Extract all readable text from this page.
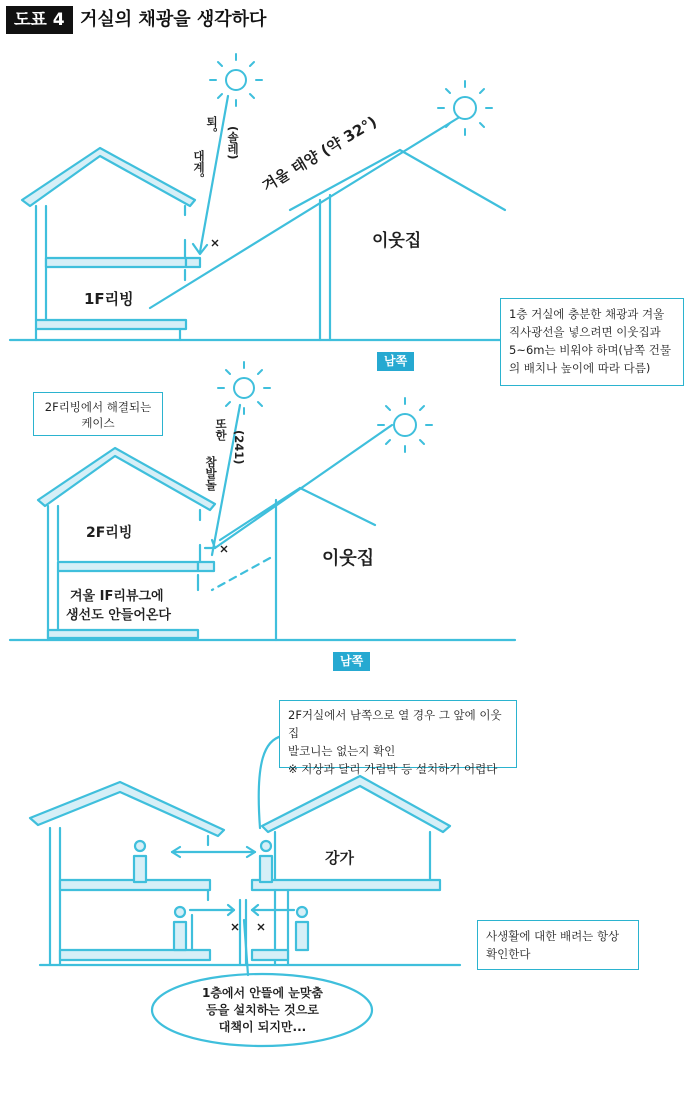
도표 4 거실의 채광을 생각하다
1F리빙
겨울 태양 (약 32°)
이웃집
남쪽
퇴。
대계。
(솔레)
1층 거실에 충분한 채광과 겨울 직사광선을 넣으려면 이웃집과 5~6m는 비워야 하며(남쪽 건물의 배치나 높이에 따라 다름)
2F리빙에서 해결되는 케이스
2F리빙
겨울 IF리뷰그에
생선도 안들어온다
이웃집
남쪽
또한
참발돌
(241)
2F거실에서 남쪽으로 열 경우 그 앞에 이웃집
발코니는 없는지 확인
※ 지상과 달리 가림막 등 설치하기 어렵다
강가
사생활에 대한 배려는 항상 확인한다
1층에서 안뜰에 눈맞춤
등을 설치하는 것으로
대책이 되지만...
